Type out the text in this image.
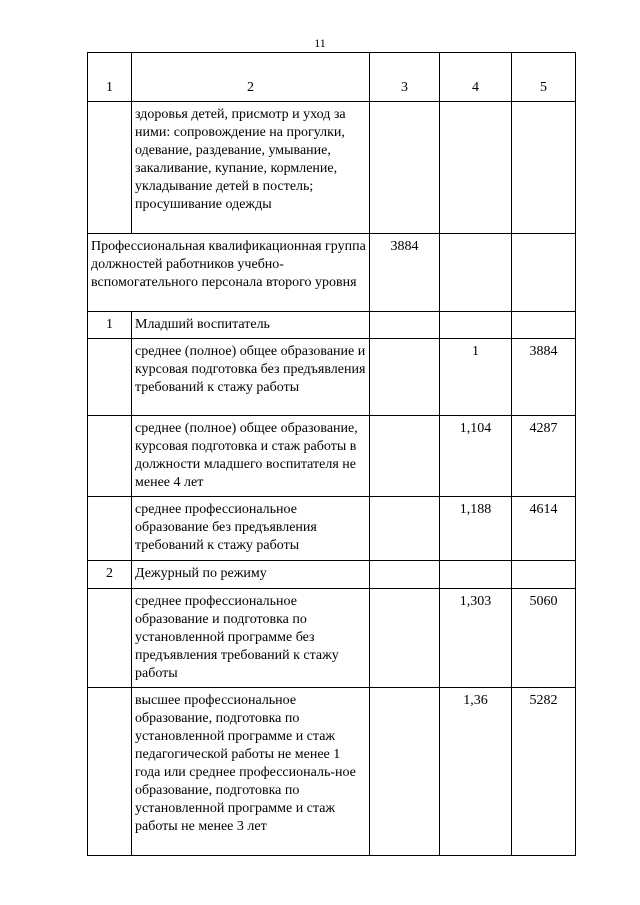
11
1	2	3	4	5
	здоровья детей, присмотр и уход за ними: сопровождение на прогулки, одевание, раздевание, умывание, закаливание, купание, кормление, укладывание детей в постель; просушивание одежды			
Профессиональная квалификационная группа должностей работников учебно-вспомогательного персонала второго уровня		3884		
1	Младший воспитатель			
	среднее (полное) общее образование и курсовая подготовка без предъявления требований к стажу работы		1	3884
	среднее (полное) общее образование, курсовая подготовка и стаж работы в должности младшего воспитателя не менее 4 лет		1,104	4287
	среднее профессиональное образование без предъявления требований к стажу работы		1,188	4614
2	Дежурный по режиму			
	среднее профессиональное образование и подготовка по установленной программе без предъявления требований к стажу работы		1,303	5060
	высшее профессиональное образование, подготовка по установленной программе и стаж педагогической работы не менее 1 года или среднее профессиональ-ное образование, подготовка по установленной программе и стаж работы не менее 3 лет		1,36	5282
